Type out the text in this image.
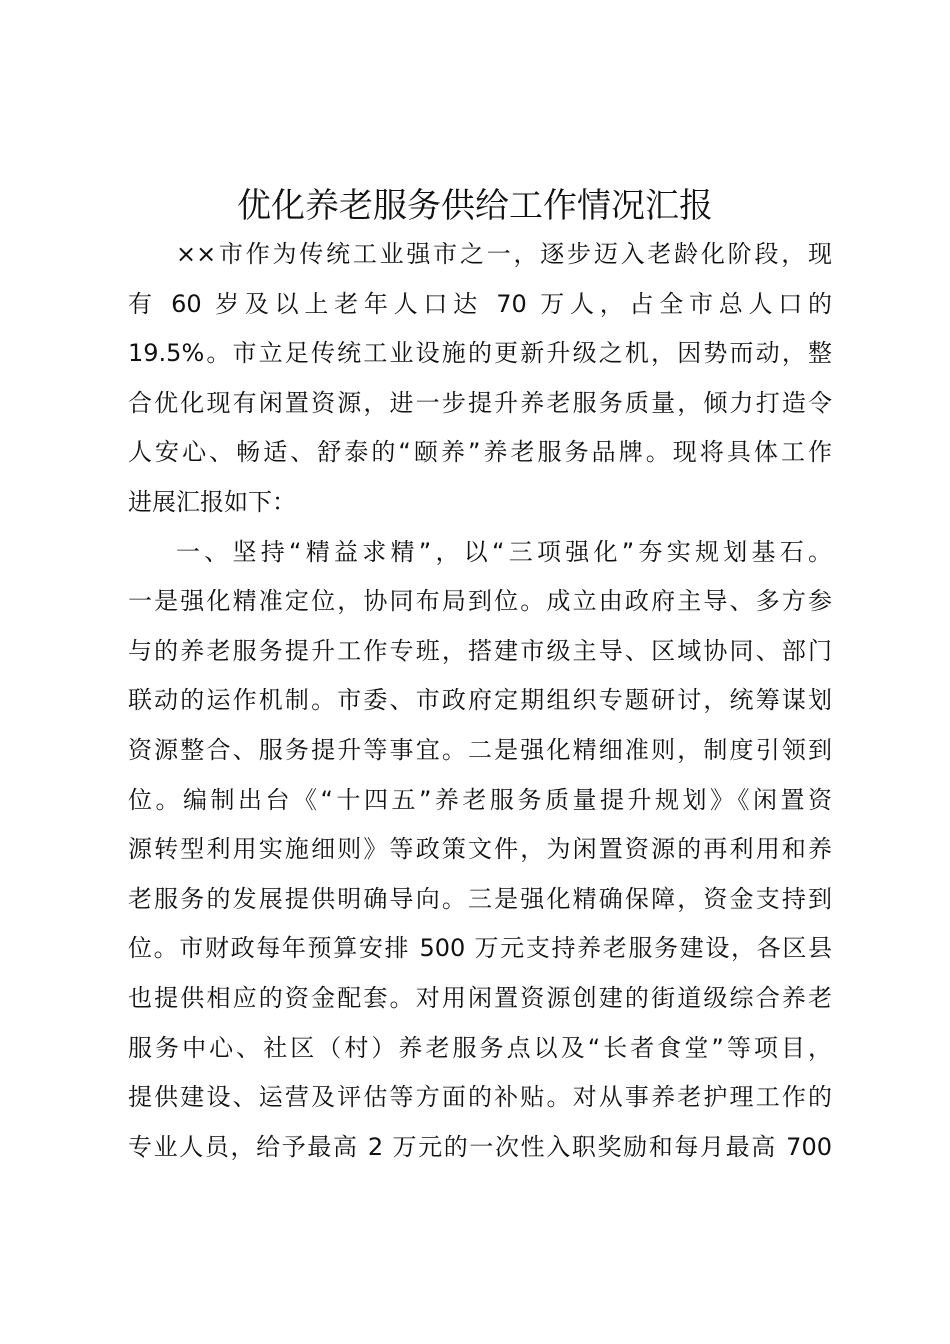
优化养老服务供给工作情况汇报
××市作为传统工业强市之一，逐步迈入老龄化阶段，现
有 60 岁及以上老年人口达 70 万人，占全市总人口的
19.5%。市立足传统工业设施的更新升级之机，因势而动，整
合优化现有闲置资源，进一步提升养老服务质量，倾力打造令
人安心、畅适、舒泰的“颐养”养老服务品牌。现将具体工作
进展汇报如下：
一、坚持“精益求精”，以“三项强化”夯实规划基石。
一是强化精准定位，协同布局到位。成立由政府主导、多方参
与的养老服务提升工作专班，搭建市级主导、区域协同、部门
联动的运作机制。市委、市政府定期组织专题研讨，统筹谋划
资源整合、服务提升等事宜。二是强化精细准则，制度引领到
位。编制出台《“十四五”养老服务质量提升规划》《闲置资
源转型利用实施细则》等政策文件，为闲置资源的再利用和养
老服务的发展提供明确导向。三是强化精确保障，资金支持到
位。市财政每年预算安排 500 万元支持养老服务建设，各区县
也提供相应的资金配套。对用闲置资源创建的街道级综合养老
服务中心、社区（村）养老服务点以及“长者食堂”等项目，
提供建设、运营及评估等方面的补贴。对从事养老护理工作的
专业人员，给予最高 2 万元的一次性入职奖励和每月最高 700
